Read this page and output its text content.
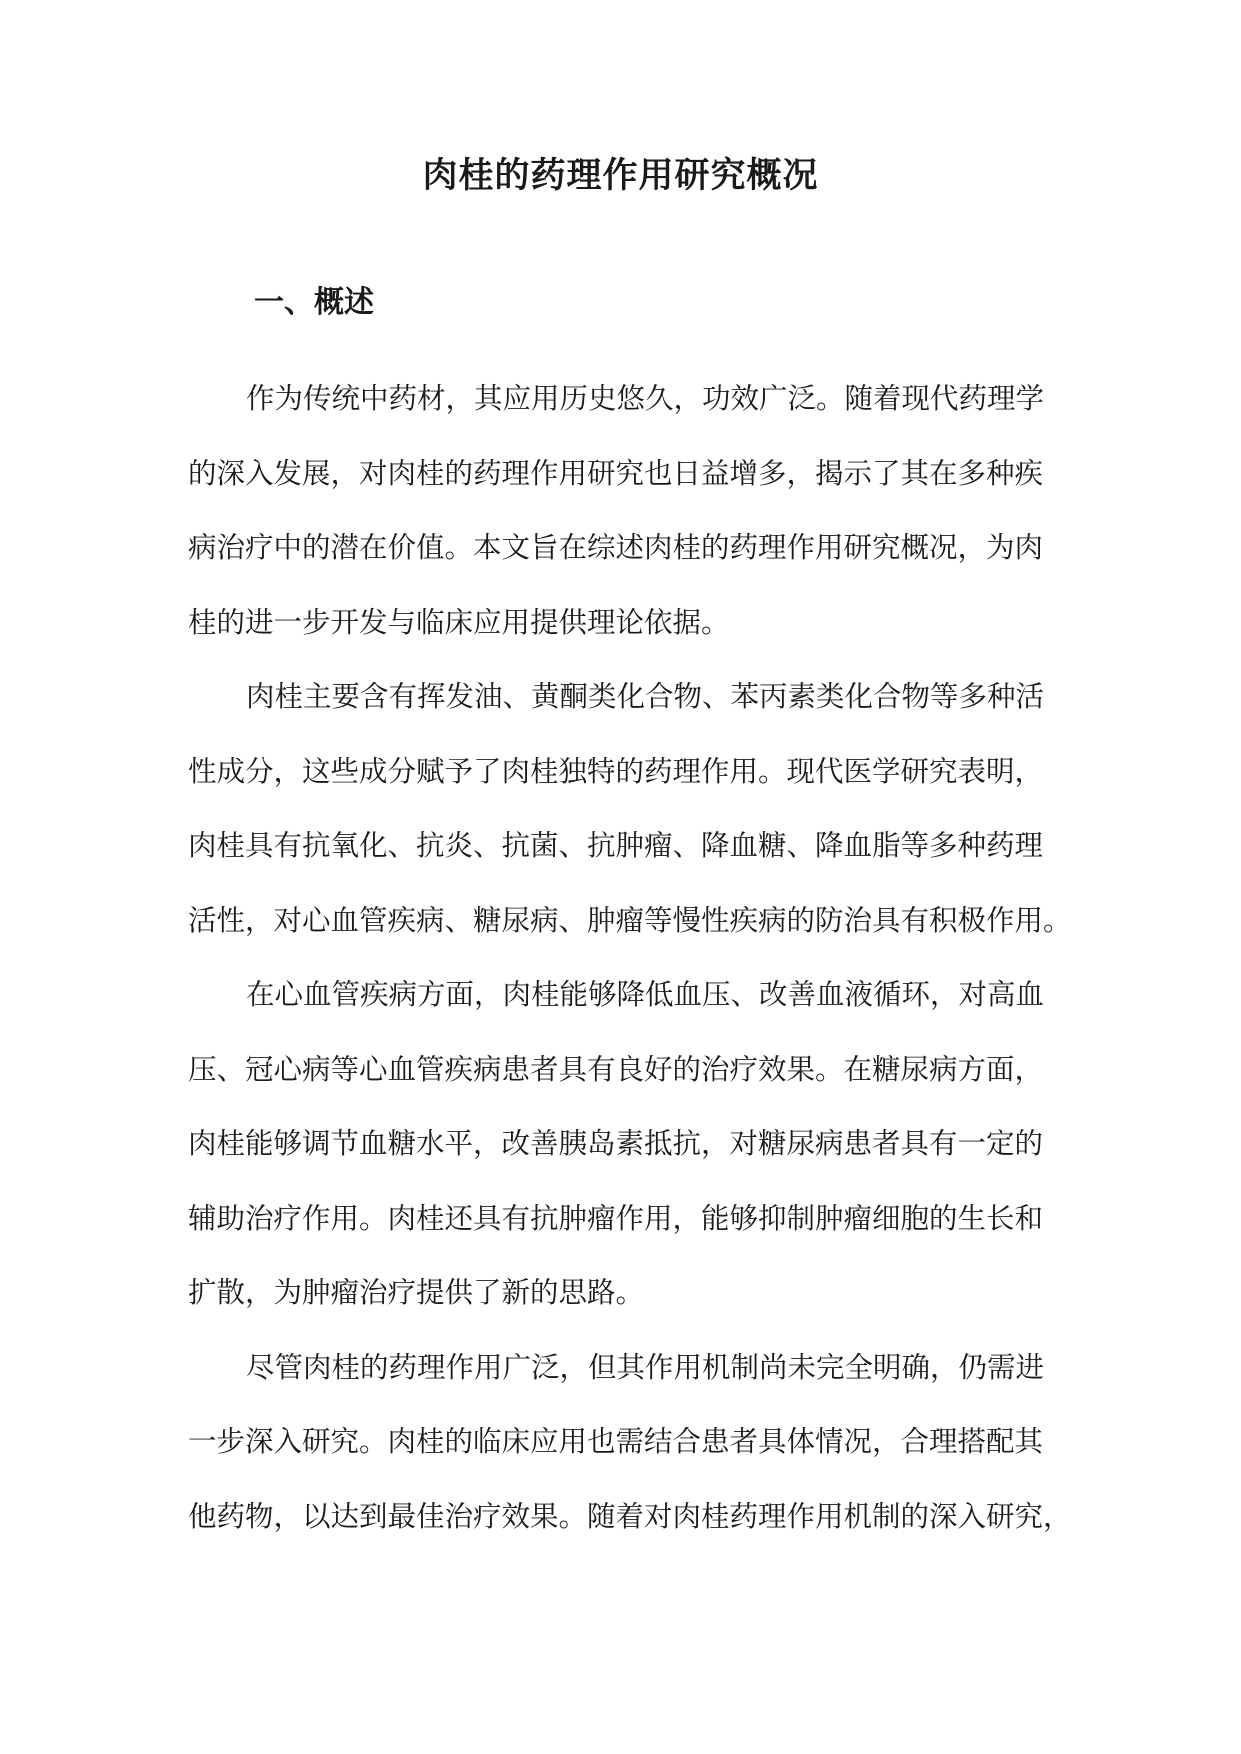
肉桂的药理作用研究概况
一、概述

作为传统中药材，其应用历史悠久，功效广泛。随着现代药理学
的深入发展，对肉桂的药理作用研究也日益增多，揭示了其在多种疾
病治疗中的潜在价值。本文旨在综述肉桂的药理作用研究概况，为肉
桂的进一步开发与临床应用提供理论依据。

肉桂主要含有挥发油、黄酮类化合物、苯丙素类化合物等多种活
性成分，这些成分赋予了肉桂独特的药理作用。现代医学研究表明，
肉桂具有抗氧化、抗炎、抗菌、抗肿瘤、降血糖、降血脂等多种药理
活性，对心血管疾病、糖尿病、肿瘤等慢性疾病的防治具有积极作用。

在心血管疾病方面，肉桂能够降低血压、改善血液循环，对高血
压、冠心病等心血管疾病患者具有良好的治疗效果。在糖尿病方面，
肉桂能够调节血糖水平，改善胰岛素抵抗，对糖尿病患者具有一定的
辅助治疗作用。肉桂还具有抗肿瘤作用，能够抑制肿瘤细胞的生长和
扩散，为肿瘤治疗提供了新的思路。

尽管肉桂的药理作用广泛，但其作用机制尚未完全明确，仍需进
一步深入研究。肉桂的临床应用也需结合患者具体情况，合理搭配其
他药物，以达到最佳治疗效果。随着对肉桂药理作用机制的深入研究，
